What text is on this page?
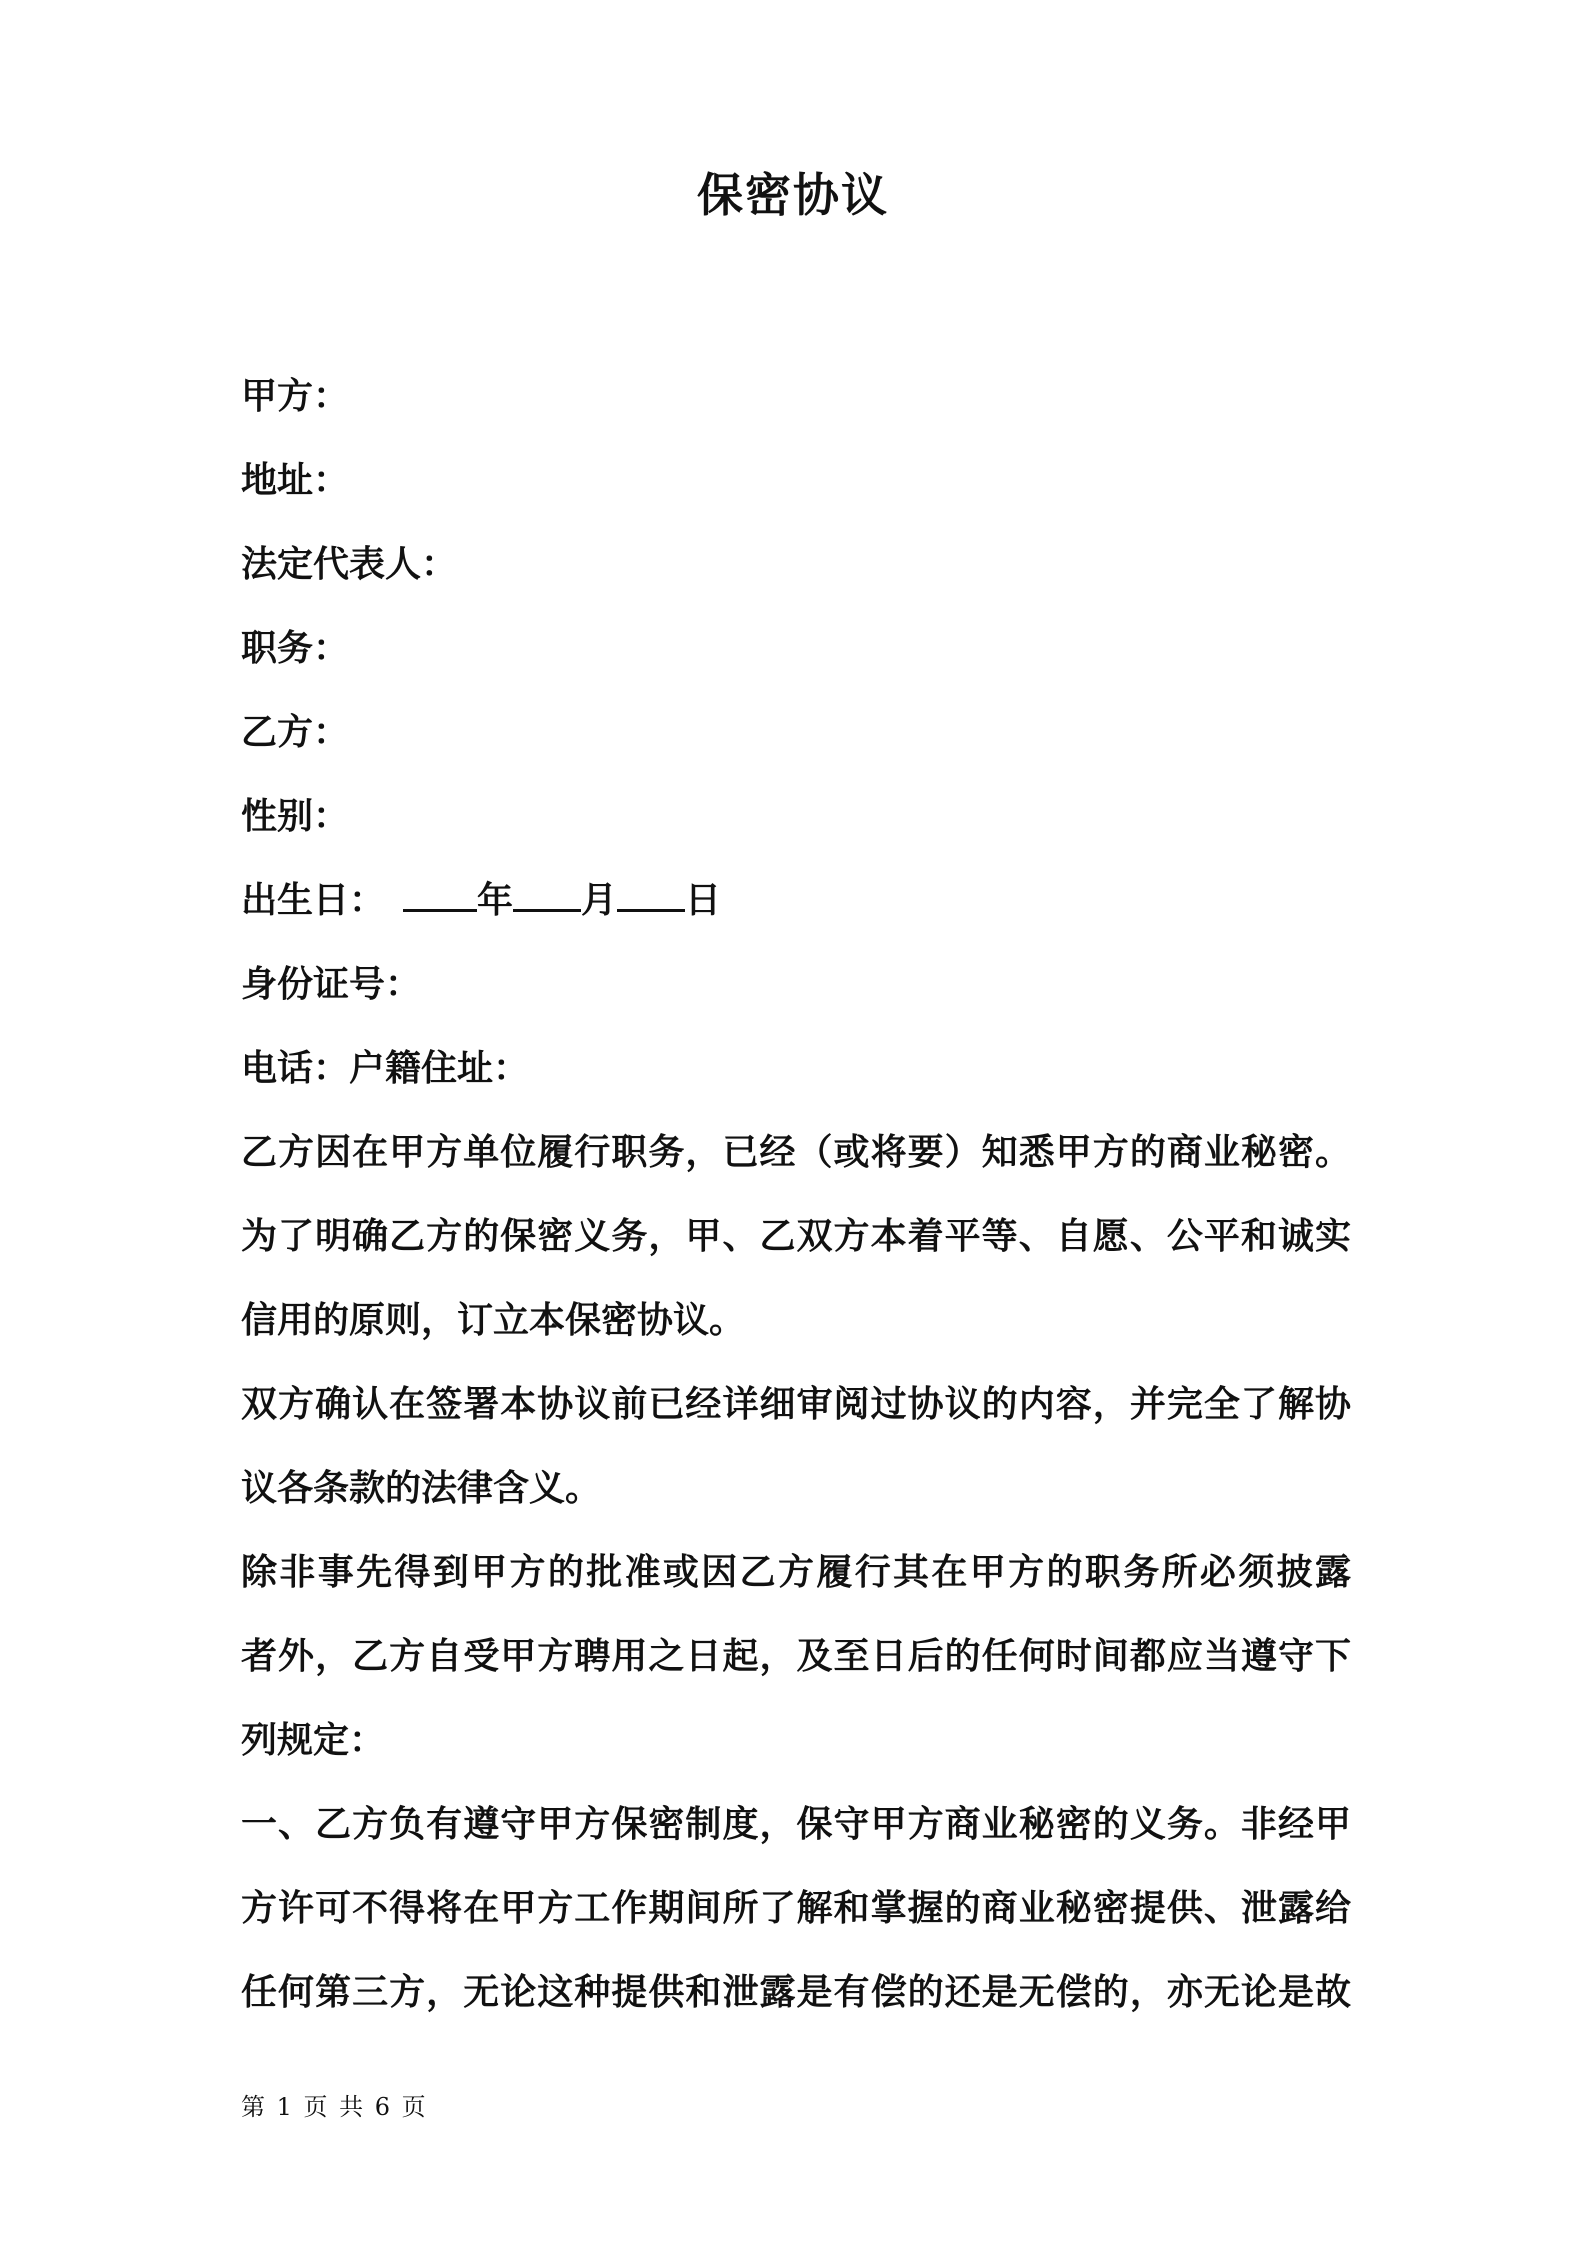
保密协议
甲方：
地址：
法定代表人：
职务：
乙方：
性别：
出生日：	年 月 日
身份证号：
电话：户籍住址：
乙方因在甲方单位履行职务，已经（或将要）知悉甲方的商业秘密。
为了明确乙方的保密义务，甲、乙双方本着平等、自愿、公平和诚实
信用的原则，订立本保密协议。
双方确认在签署本协议前已经详细审阅过协议的内容，并完全了解协
议各条款的法律含义。
除非事先得到甲方的批准或因乙方履行其在甲方的职务所必须披露
者外，乙方自受甲方聘用之日起，及至日后的任何时间都应当遵守下
列规定：
一、乙方负有遵守甲方保密制度，保守甲方商业秘密的义务。非经甲
方许可不得将在甲方工作期间所了解和掌握的商业秘密提供、泄露给
任何第三方，无论这种提供和泄露是有偿的还是无偿的，亦无论是故
第 1 页 共 6 页
